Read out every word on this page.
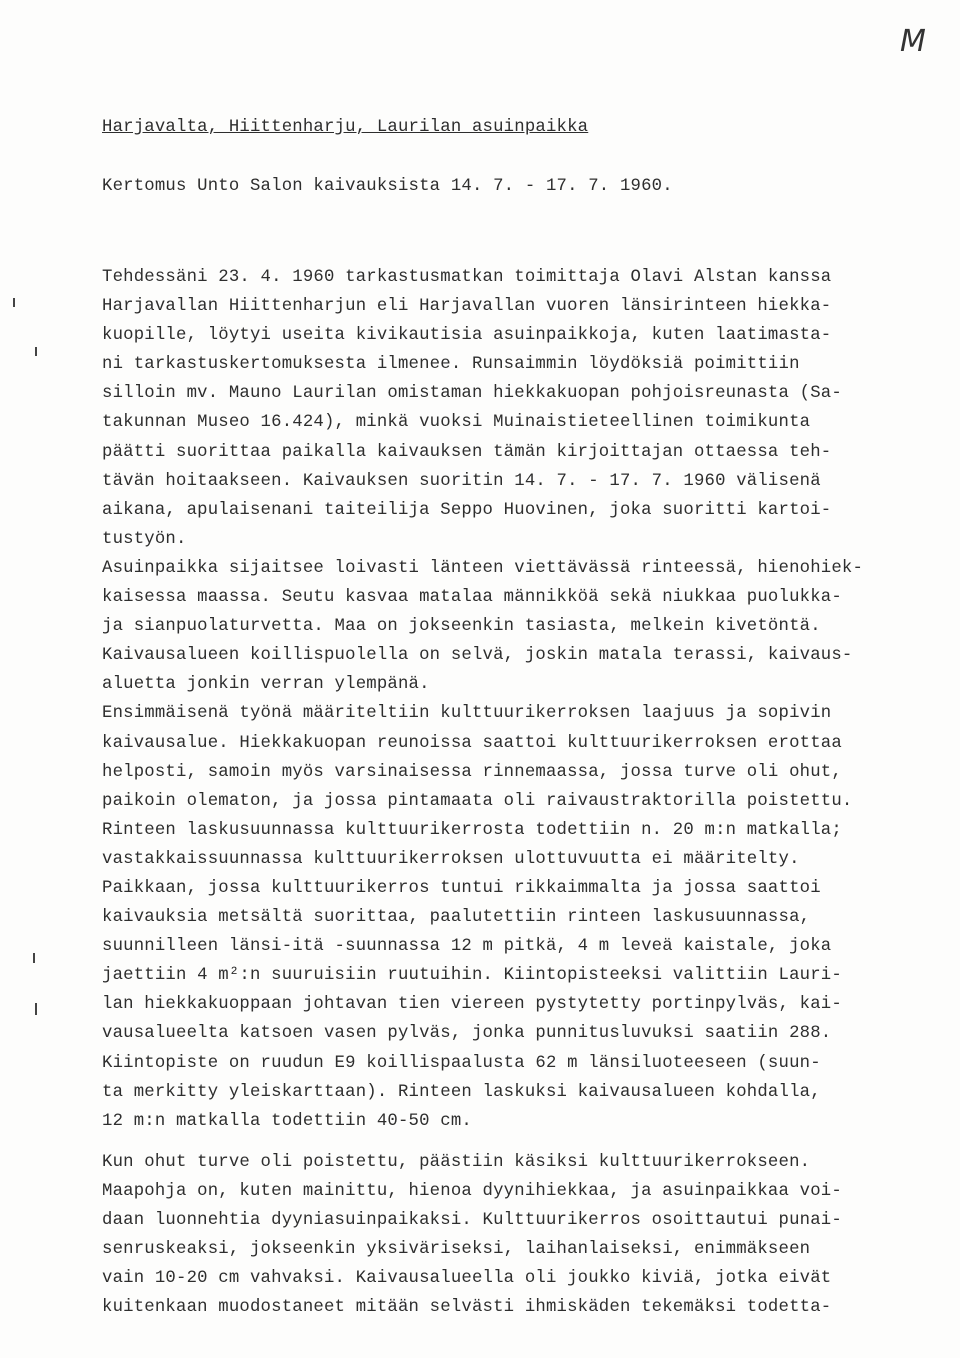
M
Harjavalta, Hiittenharju, Laurilan asuinpaikka
Kertomus Unto Salon kaivauksista 14. 7. - 17. 7. 1960.
Tehdessäni 23. 4. 1960 tarkastusmatkan toimittaja Olavi Alstan kanssa
Harjavallan Hiittenharjun eli Harjavallan vuoren länsirinteen hiekka-
kuopille, löytyi useita kivikautisia asuinpaikkoja, kuten laatimasta-
ni tarkastuskertomuksesta ilmenee. Runsaimmin löydöksiä poimittiin
silloin mv. Mauno Laurilan omistaman hiekkakuopan pohjoisreunasta (Sa-
takunnan Museo 16.424), minkä vuoksi Muinaistieteellinen toimikunta
päätti suorittaa paikalla kaivauksen tämän kirjoittajan ottaessa teh-
tävän hoitaakseen. Kaivauksen suoritin 14. 7. - 17. 7. 1960 välisenä
aikana, apulaisenani taiteilija Seppo Huovinen, joka suoritti kartoi-
tustyön.
Asuinpaikka sijaitsee loivasti länteen viettävässä rinteessä, hienohiek-
kaisessa maassa. Seutu kasvaa matalaa männikköä sekä niukkaa puolukka-
ja sianpuolaturvetta. Maa on jokseenkin tasiasta, melkein kivetöntä.
Kaivausalueen koillispuolella on selvä, joskin matala terassi, kaivaus-
aluetta jonkin verran ylempänä.
Ensimmäisenä työnä määriteltiin kulttuurikerroksen laajuus ja sopivin
kaivausalue. Hiekkakuopan reunoissa saattoi kulttuurikerroksen erottaa
helposti, samoin myös varsinaisessa rinnemaassa, jossa turve oli ohut,
paikoin olematon, ja jossa pintamaata oli raivaustraktorilla poistettu.
Rinteen laskusuunnassa kulttuurikerrosta todettiin n. 20 m:n matkalla;
vastakkaissuunnassa kulttuurikerroksen ulottuvuutta ei määritelty.
Paikkaan, jossa kulttuurikerros tuntui rikkaimmalta ja jossa saattoi
kaivauksia metsältä suorittaa, paalutettiin rinteen laskusuunnassa,
suunnilleen länsi-itä -suunnassa 12 m pitkä, 4 m leveä kaistale, joka
jaettiin 4 m²:n suuruisiin ruutuihin. Kiintopisteeksi valittiin Lauri-
lan hiekkakuoppaan johtavan tien viereen pystytetty portinpylväs, kai-
vausalueelta katsoen vasen pylväs, jonka punnitusluvuksi saatiin 288.
Kiintopiste on ruudun E9 koillispaalusta 62 m länsiluoteeseen (suun-
ta merkitty yleiskarttaan). Rinteen laskuksi kaivausalueen kohdalla,
12 m:n matkalla todettiin 40-50 cm.
Kun ohut turve oli poistettu, päästiin käsiksi kulttuurikerrokseen.
Maapohja on, kuten mainittu, hienoa dyynihiekkaa, ja asuinpaikkaa voi-
daan luonnehtia dyyniasuinpaikaksi. Kulttuurikerros osoittautui punai-
senruskeaksi, jokseenkin yksiväriseksi, laihanlaiseksi, enimmäkseen
vain 10-20 cm vahvaksi. Kaivausalueella oli joukko kiviä, jotka eivät
kuitenkaan muodostaneet mitään selvästi ihmiskäden tekemäksi todetta-
